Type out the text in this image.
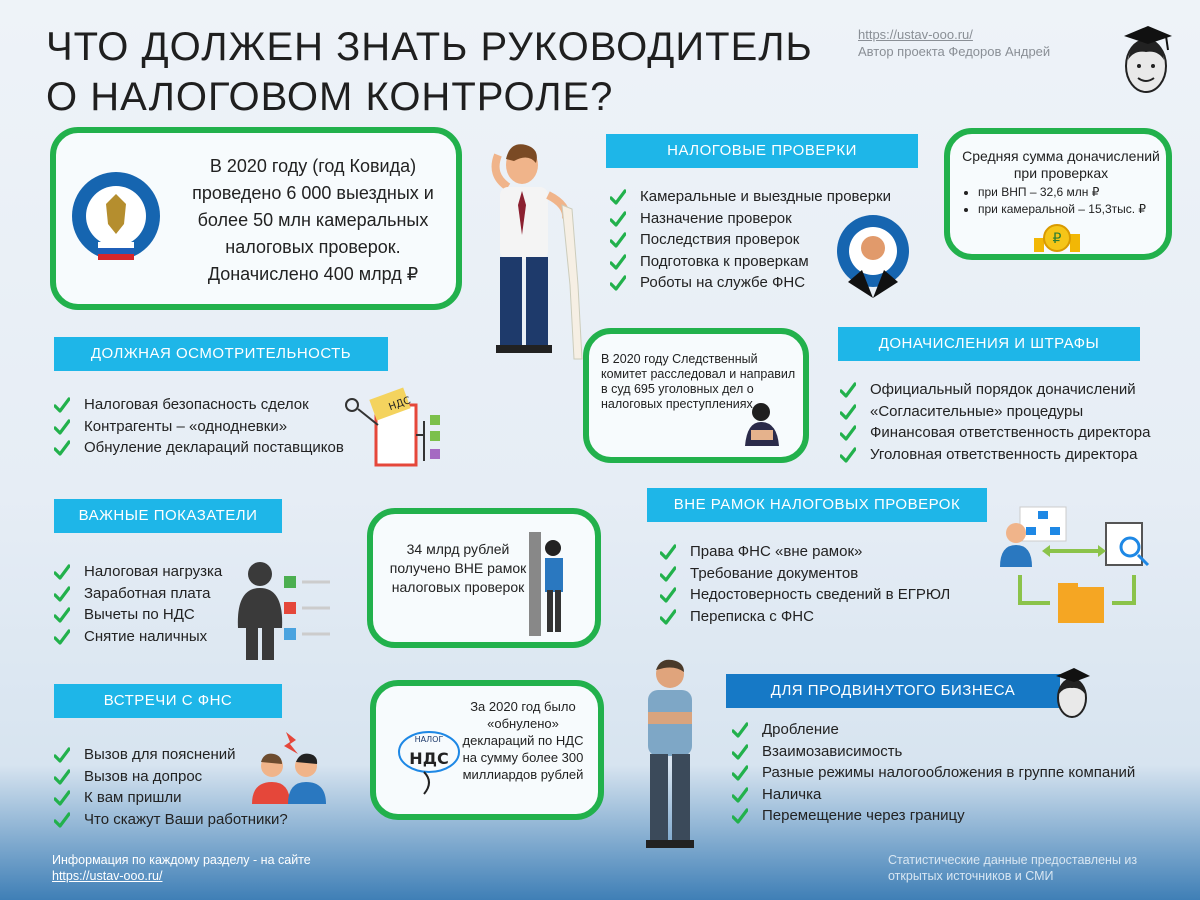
ЧТО ДОЛЖЕН ЗНАТЬ РУКОВОДИТЕЛЬ
О НАЛОГОВОМ КОНТРОЛЕ?
https://ustav-ooo.ru/
Автор проекта Федоров Андрей
В 2020 году (год Ковида) проведено 6 000 выездных и более 50 млн камеральных налоговых проверок. Доначислено 400 млрд ₽
НАЛОГОВЫЕ ПРОВЕРКИ
Камеральные и выездные проверки
Назначение проверок
Последствия проверок
Подготовка к проверкам
Роботы на службе ФНС
Средняя сумма доначислений при проверках
• при ВНП – 32,6 млн ₽
• при камеральной – 15,3тыс. ₽
₽
ДОЛЖНАЯ ОСМОТРИТЕЛЬНОСТЬ
Налоговая безопасность сделок
Контрагенты – «однодневки»
Обнуление деклараций поставщиков
НДС
В 2020 году Следственный комитет расследовал и направил в суд 695 уголовных дел о налоговых преступлениях
ДОНАЧИСЛЕНИЯ И ШТРАФЫ
Официальный порядок доначислений
«Согласительные» процедуры
Финансовая ответственность директора
Уголовная ответственность директора
ВАЖНЫЕ ПОКАЗАТЕЛИ
Налоговая нагрузка
Заработная плата
Вычеты по НДС
Снятие наличных
34 млрд рублей получено ВНЕ рамок налоговых проверок
ВНЕ РАМОК НАЛОГОВЫХ ПРОВЕРОК
Права ФНС «вне рамок»
Требование документов
Недостоверность сведений в ЕГРЮЛ
Переписка с ФНС
ВСТРЕЧИ С ФНС
Вызов для пояснений
Вызов на допрос
К вам пришли
Что скажут Ваши работники?
НАЛОГ
НДС
За 2020 год было «обнулено» деклараций по НДС на сумму более 300 миллиардов рублей
ДЛЯ ПРОДВИНУТОГО БИЗНЕСА
Дробление
Взаимозависимость
Разные режимы налогообложения в группе компаний
Наличка
Перемещение через границу
Информация по каждому разделу - на сайте
https://ustav-ooo.ru/
Статистические данные предоставлены из открытых источников и СМИ
